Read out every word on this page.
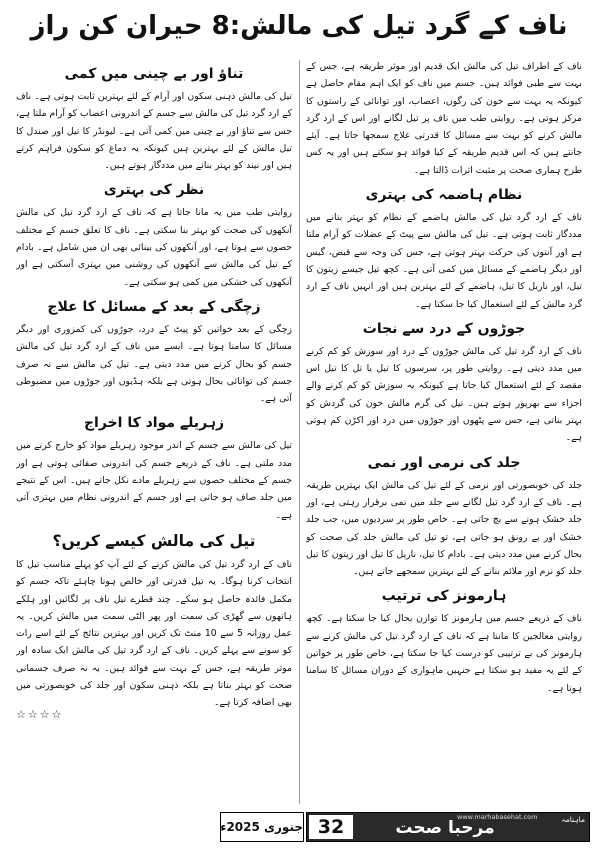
ناف کے گرد تیل کی مالش:8 حیران کن راز

ناف کے اطراف تیل کی مالش ایک قدیم اور موثر طریقہ ہے، جس کے بہت سے طبی فوائد ہیں۔ جسم میں ناف کو ایک اہم مقام حاصل ہے کیونکہ یہ بہت سے خون کی رگوں، اعصاب، اور توانائی کے راستوں کا مرکز ہوتی ہے۔ روایتی طب میں ناف پر تیل لگانے اور اس کے ارد گرد مالش کرنے کو بہت سے مسائل کا قدرتی علاج سمجھا جاتا ہے۔ آیئے جانتے ہیں کہ اس قدیم طریقہ کے کیا فوائد ہو سکتے ہیں اور یہ کس طرح ہماری صحت پر مثبت اثرات ڈالتا ہے۔

نظام ہاضمہ کی بہتری

ناف کے ارد گرد تیل کی مالش ہاضمے کے نظام کو بہتر بنانے میں مددگار ثابت ہوتی ہے۔ تیل کی مالش سے پیٹ کے عضلات کو آرام ملتا ہے اور آنتوں کی حرکت بہتر ہوتی ہے، جس کی وجہ سے قبض، گیس اور دیگر ہاضمے کے مسائل میں کمی آتی ہے۔ کچھ تیل جیسے زیتون کا تیل، اور ناریل کا تیل، ہاضمے کے لئے بہترین ہیں اور انہیں ناف کے ارد گرد مالش کے لئے استعمال کیا جا سکتا ہے۔

جوڑوں کے درد سے نجات

ناف کے ارد گرد تیل کی مالش جوڑوں کے درد اور سوزش کو کم کرنے میں مدد دیتی ہے۔ روایتی طور پر، سرسوں کا تیل یا تل کا تیل اس مقصد کے لئے استعمال کیا جاتا ہے کیونکہ یہ سوزش کو کم کرنے والے اجزاء سے بھرپور ہوتے ہیں۔ تیل کی گرم مالش خون کی گردش کو بہتر بناتی ہے، جس سے پٹھوں اور جوڑوں میں درد اور اکڑن کم ہوتی ہے۔

جلد کی نرمی اور نمی

جلد کی خوبصورتی اور نرمی کے لئے تیل کی مالش ایک بہترین طریقہ ہے۔ ناف کے ارد گرد تیل لگانے سے جلد میں نمی برقرار رہتی ہے، اور جلد خشک ہونے سے بچ جاتی ہے۔ خاص طور پر سردیوں میں، جب جلد خشک اور بے رونق ہو جاتی ہے، تو تیل کی مالش جلد کی صحت کو بحال کرنے میں مدد دیتی ہے۔ بادام کا تیل، ناریل کا تیل اور زیتون کا تیل جلد کو نرم اور ملائم بنانے کے لئے بہترین سمجھے جاتے ہیں۔

ہارمونز کی ترتیب

ناف کے ذریعے جسم میں ہارمونز کا توازن بحال کیا جا سکتا ہے۔ کچھ روایتی معالجین کا ماننا ہے کہ ناف کے ارد گرد تیل کی مالش کرنے سے ہارمونز کی بے ترتیبی کو درست کیا جا سکتا ہے، خاص طور پر خواتین کے لئے یہ مفید ہو سکتا ہے جنہیں ماہواری کے دوران مسائل کا سامنا ہوتا ہے۔

تناؤ اور بے چینی میں کمی

تیل کی مالش ذہنی سکون اور آرام کے لئے بہترین ثابت ہوتی ہے۔ ناف کے ارد گرد تیل کی مالش سے جسم کے اندرونی اعصاب کو آرام ملتا ہے، جس سے تناؤ اور بے چینی میں کمی آتی ہے۔ لیونڈر کا تیل اور صندل کا تیل مالش کے لئے بہترین ہیں کیونکہ یہ دماغ کو سکون فراہم کرتے ہیں اور نیند کو بہتر بنانے میں مددگار ہوتے ہیں۔

نظر کی بہتری

روایتی طب میں یہ مانا جاتا ہے کہ ناف کے ارد گرد تیل کی مالش آنکھوں کی صحت کو بہتر بنا سکتی ہے۔ ناف کا تعلق جسم کے مختلف حصوں سے ہوتا ہے، اور آنکھوں کی بینائی بھی ان میں شامل ہے۔ بادام کے تیل کی مالش سے آنکھوں کی روشنی میں بہتری آسکتی ہے اور آنکھوں کی خشکی میں کمی ہو سکتی ہے۔

زچگی کے بعد کے مسائل کا علاج

زچگی کے بعد خواتین کو پیٹ کے درد، جوڑوں کی کمزوری اور دیگر مسائل کا سامنا ہوتا ہے۔ ایسے میں ناف کے ارد گرد تیل کی مالش جسم کو بحال کرنے میں مدد دیتی ہے۔ تیل کی مالش سے نہ صرف جسم کی توانائی بحال ہوتی ہے بلکہ ہڈیوں اور جوڑوں میں مضبوطی آتی ہے۔

زہریلے مواد کا اخراج

تیل کی مالش سے جسم کے اندر موجود زہریلے مواد کو خارج کرنے میں مدد ملتی ہے۔ ناف کے ذریعے جسم کی اندرونی صفائی ہوتی ہے اور جسم کے مختلف حصوں سے زہریلے مادے نکل جاتے ہیں۔ اس کے نتیجے میں جلد صاف ہو جاتی ہے اور جسم کے اندرونی نظام میں بہتری آتی ہے۔

تیل کی مالش کیسے کریں؟

ناف کے ارد گرد تیل کی مالش کرنے کے لئے آپ کو پہلے مناسب تیل کا انتخاب کرنا ہوگا۔ یہ تیل قدرتی اور خالص ہونا چاہئے تاکہ جسم کو مکمل فائدہ حاصل ہو سکے۔ چند قطرے تیل ناف پر لگائیں اور ہلکے ہاتھوں سے گھڑی کی سمت اور پھر الٹی سمت میں مالش کریں۔ یہ عمل روزانہ 5 سے 10 منٹ تک کریں اور بہترین نتائج کے لئے اسے رات کو سونے سے پہلے کریں۔ ناف کے ارد گرد تیل کی مالش ایک سادہ اور موثر طریقہ ہے، جس کے بہت سے فوائد ہیں۔ یہ نہ صرف جسمانی صحت کو بہتر بناتا ہے بلکہ ذہنی سکون اور جلد کی خوبصورتی میں بھی اضافہ کرتا ہے۔

☆☆☆☆
جنوری 2025ء 32	www.marhabasehat.com
مرحبا صحت	ماہنامہ
